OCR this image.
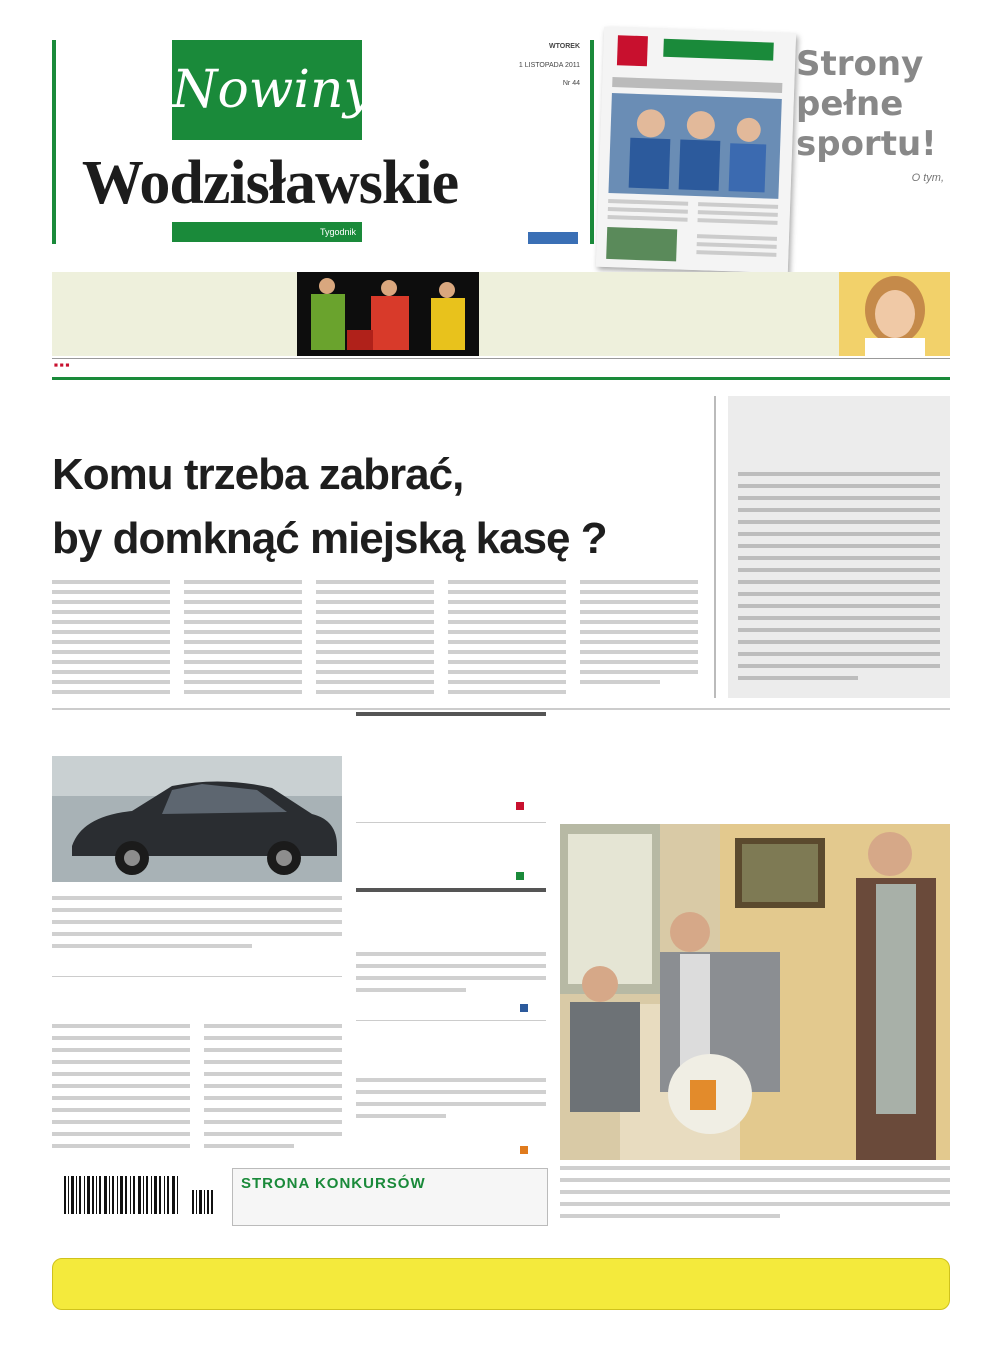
Nowiny
Wodzisławskie
Tygodnik
WTOREK
1 LISTOPADA 2011
Nr 44	Strony
pełne
sportu!
O tym,
■ ■ ■
Komu trzeba zabrać,
by domknąć miejską kasę ?
STRONA KONKURSÓW
